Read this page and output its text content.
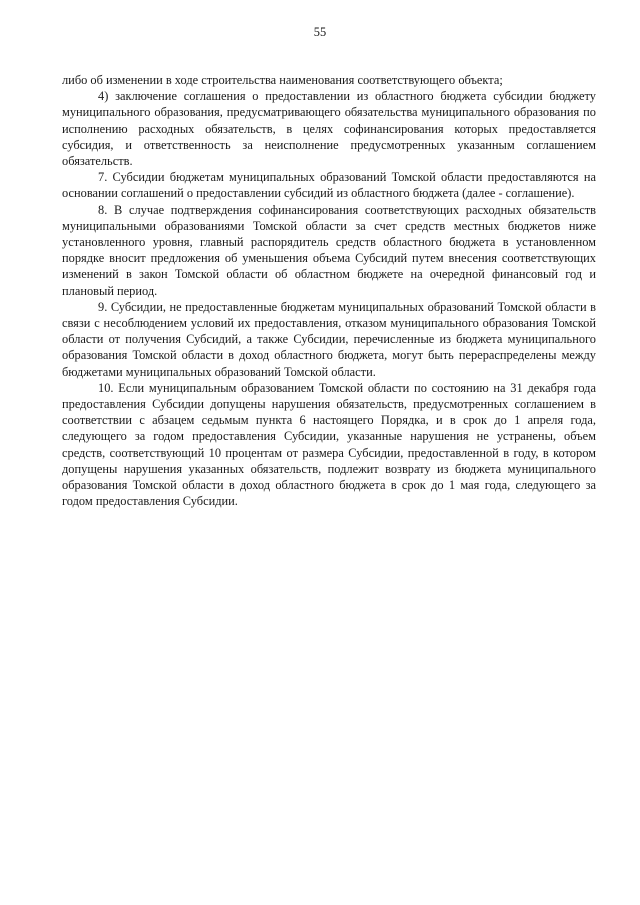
55

либо об изменении в ходе строительства наименования соответствующего объекта;

4) заключение соглашения о предоставлении из областного бюджета субсидии бюджету муниципального образования, предусматривающего обязательства муниципального образования по исполнению расходных обязательств, в целях софинансирования которых предоставляется субсидия, и ответственность за неисполнение предусмотренных указанным соглашением обязательств.

7. Субсидии бюджетам муниципальных образований Томской области предоставляются на основании соглашений о предоставлении субсидий из областного бюджета (далее - соглашение).

8. В случае подтверждения софинансирования соответствующих расходных обязательств муниципальными образованиями Томской области за счет средств местных бюджетов ниже установленного уровня, главный распорядитель средств областного бюджета в установленном порядке вносит предложения об уменьшения объема Субсидий путем внесения соответствующих изменений в закон Томской области об областном бюджете на очередной финансовый год и плановый период.

9. Субсидии, не предоставленные бюджетам муниципальных образований Томской области в связи с несоблюдением условий их предоставления, отказом муниципального образования Томской области от получения Субсидий, а также Субсидии, перечисленные из бюджета муниципального образования Томской области в доход областного бюджета, могут быть перераспределены между бюджетами муниципальных образований Томской области.

10. Если муниципальным образованием Томской области по состоянию на 31 декабря года предоставления Субсидии допущены нарушения обязательств, предусмотренных соглашением в соответствии с абзацем седьмым пункта 6 настоящего Порядка, и в срок до 1 апреля года, следующего за годом предоставления Субсидии, указанные нарушения не устранены, объем средств, соответствующий 10 процентам от размера Субсидии, предоставленной в году, в котором допущены нарушения указанных обязательств, подлежит возврату из бюджета муниципального образования Томской области в доход областного бюджета в срок до 1 мая года, следующего за годом предоставления Субсидии.
